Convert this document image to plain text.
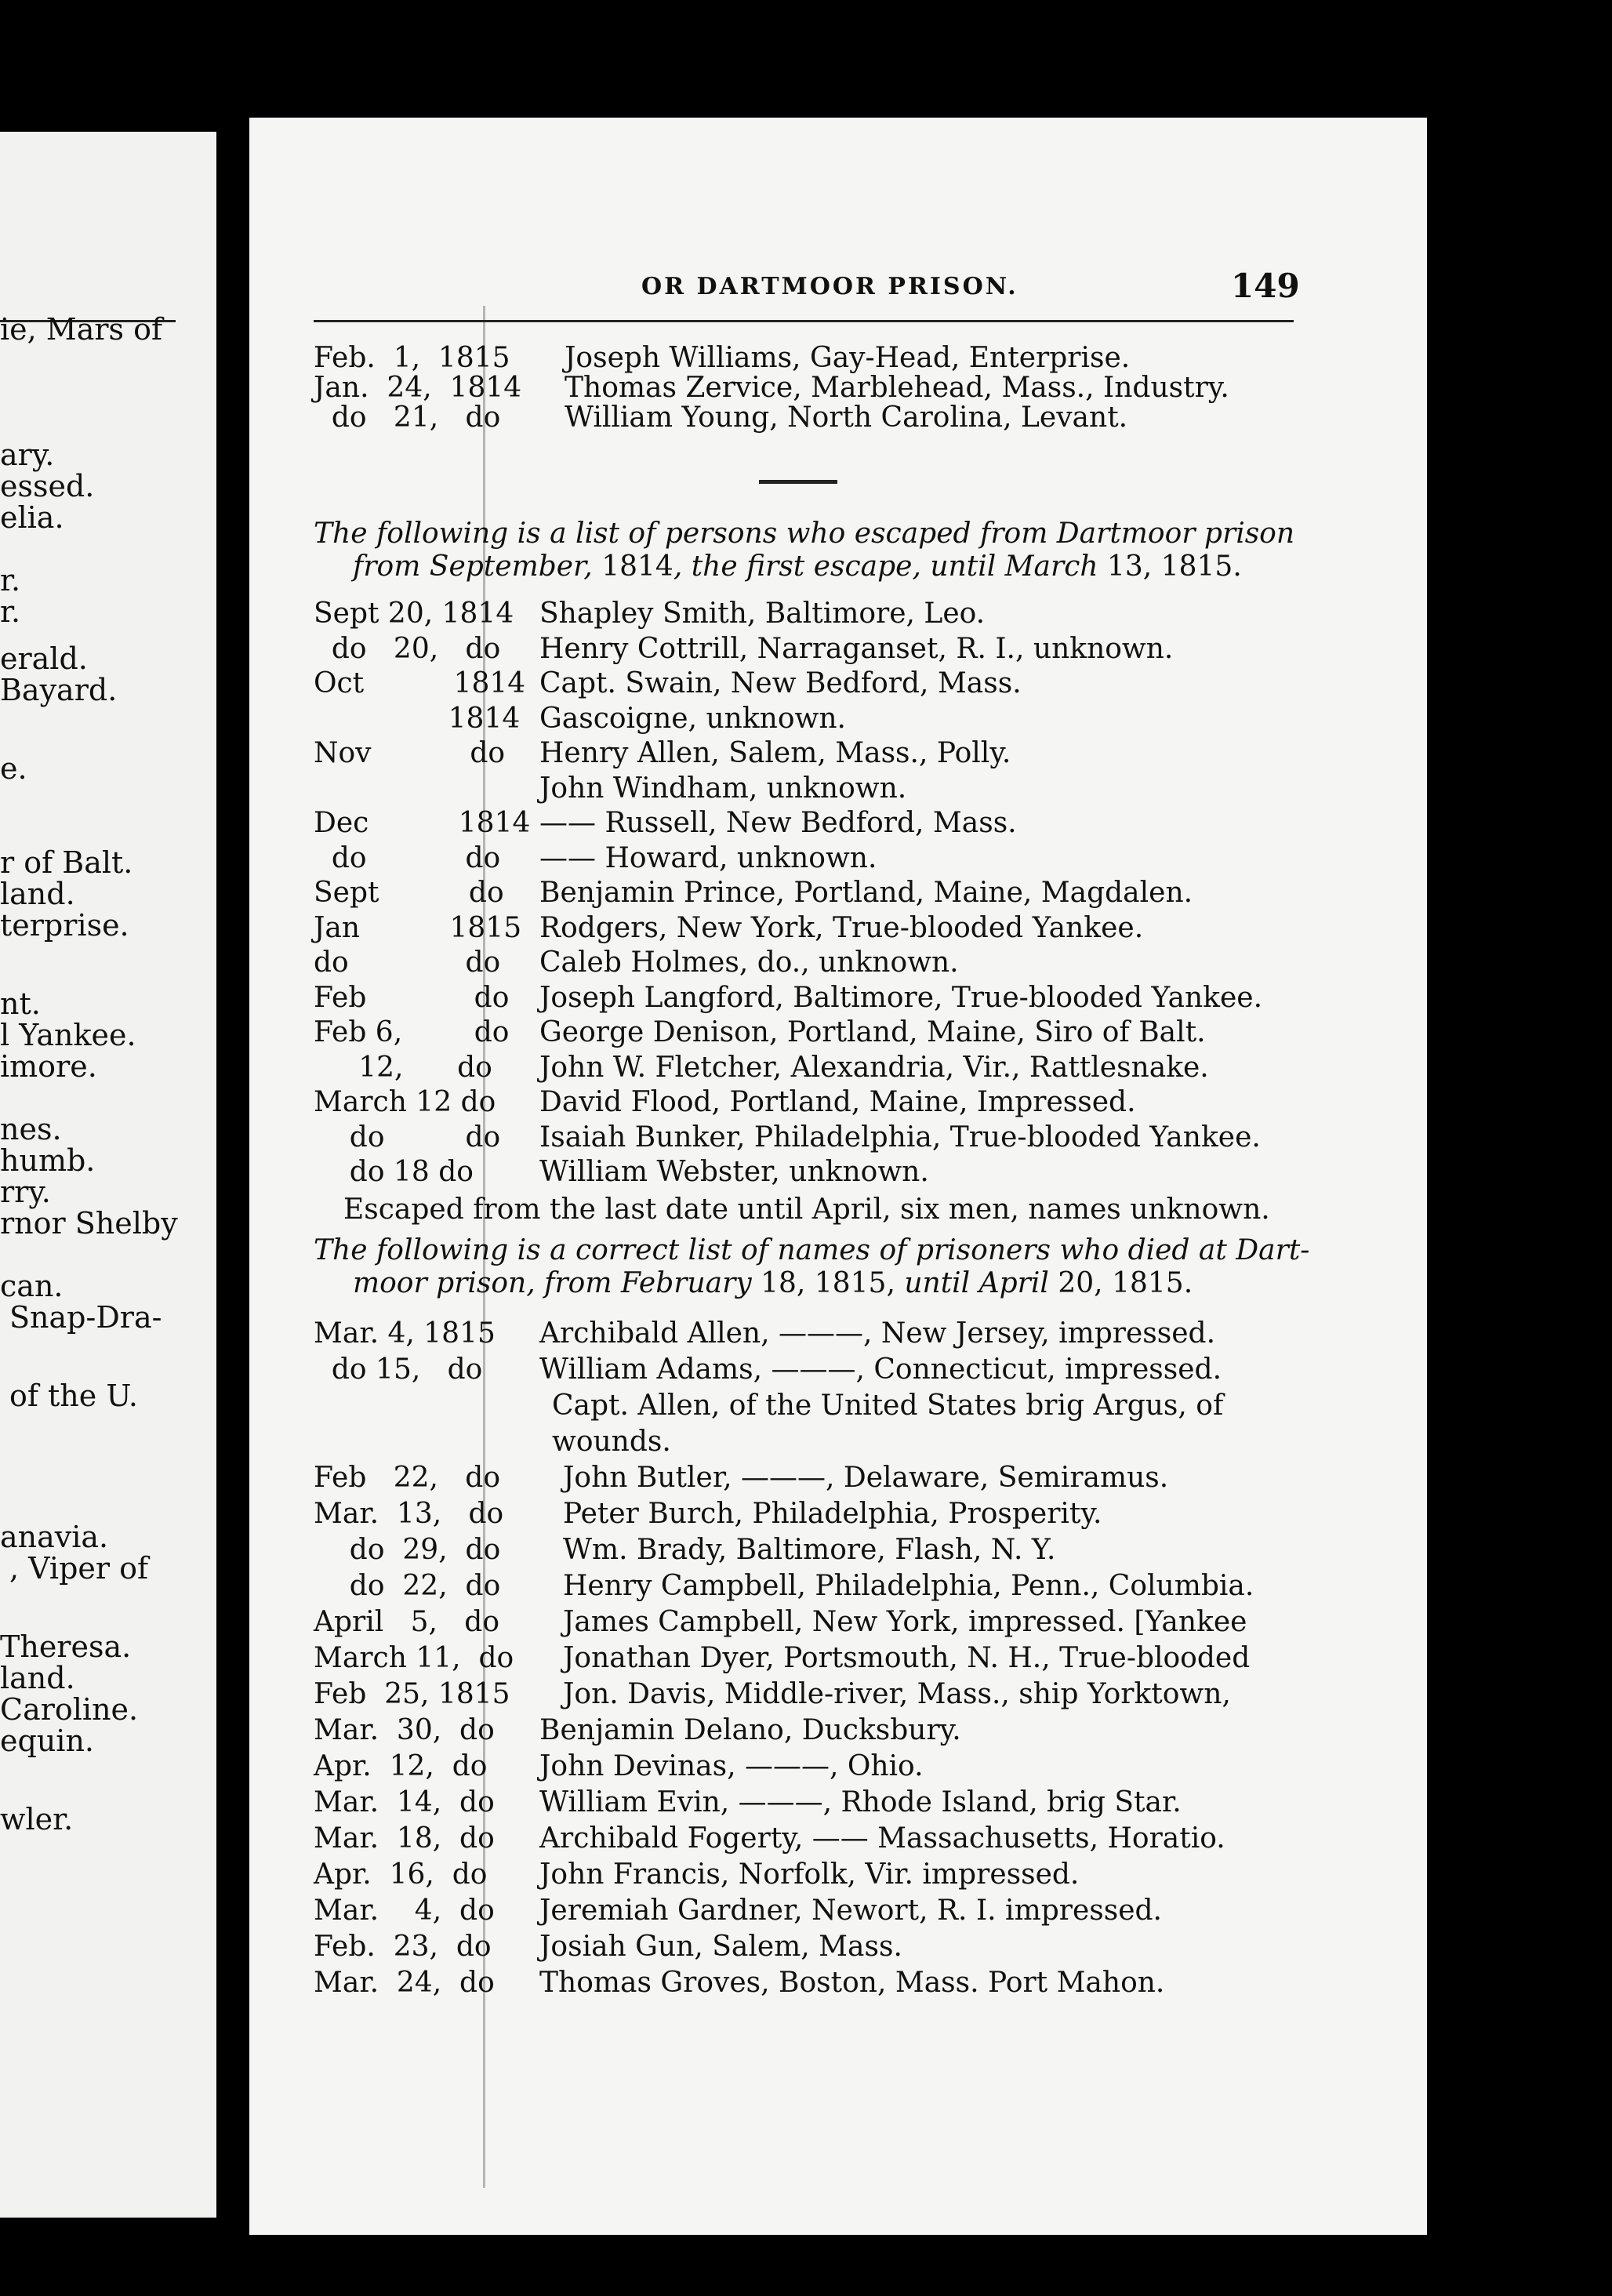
ie, Mars of
ary.
essed.
elia.
r.
r.
erald.
Bayard.
e.
r of Balt.
land.
terprise.
nt.
l Yankee.
imore.
nes.
humb.
rry.
rnor Shelby
can.
Snap-Dra-
of the U.
anavia.
, Viper of
Theresa.
land.
Caroline.
equin.
wler.
OR DARTMOOR PRISON.	149
Feb.  1,  1815	Joseph Williams, Gay-Head, Enterprise.
Jan.  24,  1814	Thomas Zervice, Marblehead, Mass., Industry.
do   21,   do	William Young, North Carolina, Levant.
The following is a list of persons who escaped from Dartmoor prison
from September, 1814, the first escape, until March 13, 1815.
Sept 20, 1814 Shapley Smith, Baltimore, Leo.
do   20,   do	Henry Cottrill, Narraganset, R. I., unknown.
Oct          1814 Capt. Swain, New Bedford, Mass.
1814 Gascoigne, unknown.
Nov           do	Henry Allen, Salem, Mass., Polly.
John Windham, unknown.
Dec          1814 —— Russell, New Bedford, Mass.
do           do	—— Howard, unknown.
Sept          do	Benjamin Prince, Portland, Maine, Magdalen.
Jan          1815 Rodgers, New York, True-blooded Yankee.
do             do	Caleb Holmes, do., unknown.
Feb            do	Joseph Langford, Baltimore, True-blooded Yankee.
Feb 6,        do	George Denison, Portland, Maine, Siro of Balt.
12,      do	John W. Fletcher, Alexandria, Vir., Rattlesnake.
March 12 do	David Flood, Portland, Maine, Impressed.
do         do	Isaiah Bunker, Philadelphia, True-blooded Yankee.
do 18 do	William Webster, unknown.
Escaped from the last date until April, six men, names unknown.
The following is a correct list of names of prisoners who died at Dart-
moor prison, from February 18, 1815, until April 20, 1815.
Mar. 4, 1815	Archibald Allen, ———, New Jersey, impressed.
do 15,   do	William Adams, ———, Connecticut, impressed.
Capt. Allen, of the United States brig Argus, of
wounds.
Feb   22,   do	John Butler, ———, Delaware, Semiramus.
Mar.  13,   do	Peter Burch, Philadelphia, Prosperity.
do  29,  do	Wm. Brady, Baltimore, Flash, N. Y.
do  22,  do	Henry Campbell, Philadelphia, Penn., Columbia.
April   5,   do	James Campbell, New York, impressed. [Yankee
March 11,  do	Jonathan Dyer, Portsmouth, N. H., True-blooded
Feb  25, 1815	Jon. Davis, Middle-river, Mass., ship Yorktown,
Mar.  30,  do	Benjamin Delano, Ducksbury.
Apr.  12,  do	John Devinas, ———, Ohio.
Mar.  14,  do	William Evin, ———, Rhode Island, brig Star.
Mar.  18,  do	Archibald Fogerty, —— Massachusetts, Horatio.
Apr.  16,  do	John Francis, Norfolk, Vir. impressed.
Mar.    4,  do	Jeremiah Gardner, Newort, R. I. impressed.
Feb.  23,  do	Josiah Gun, Salem, Mass.
Mar.  24,  do	Thomas Groves, Boston, Mass. Port Mahon.
